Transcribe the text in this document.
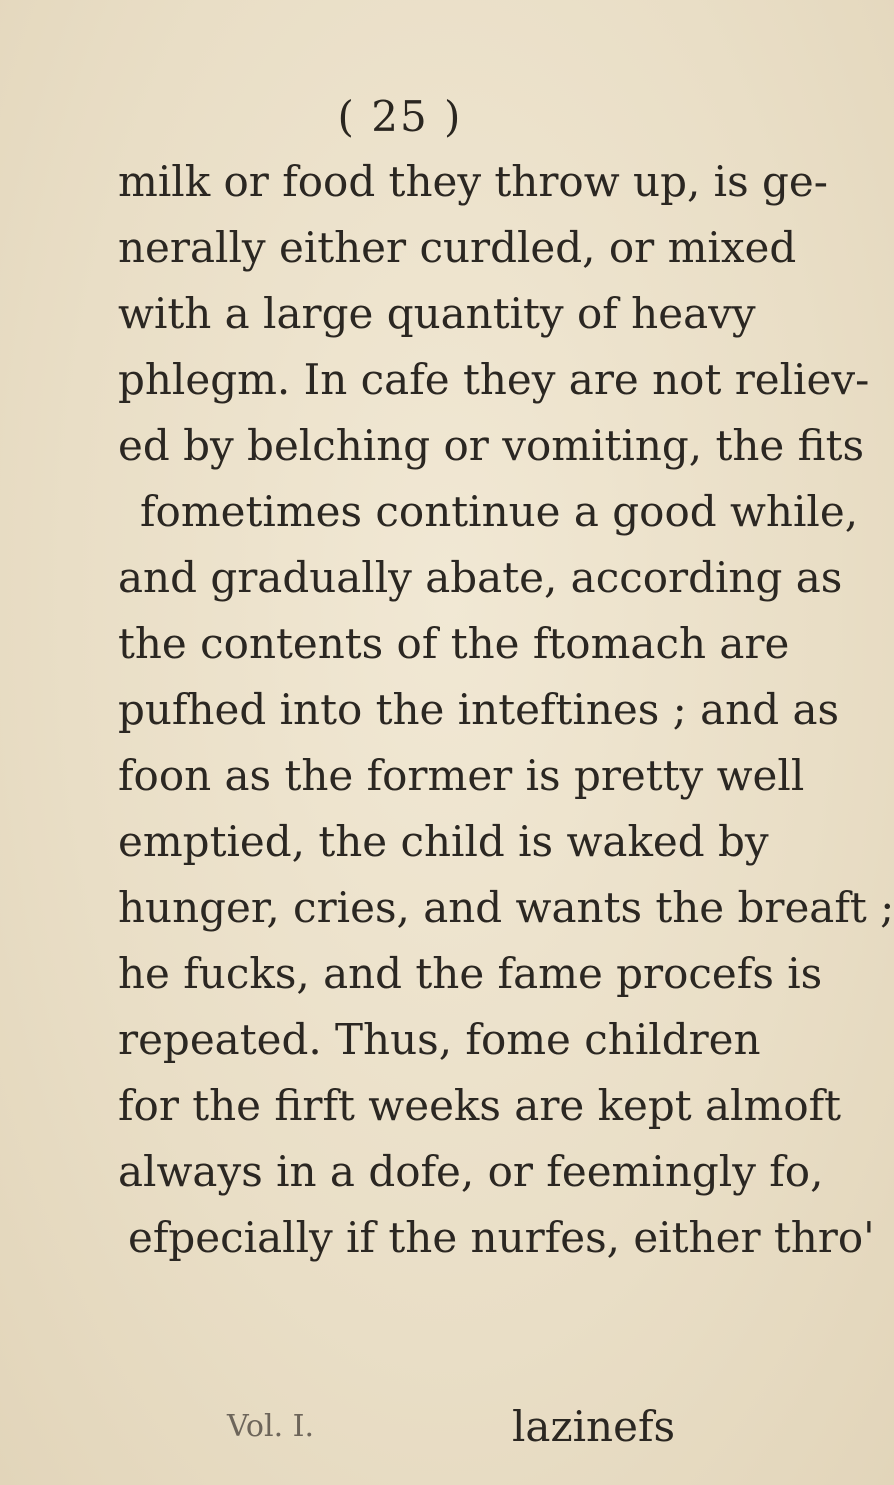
( 25 )
milk or food they throw up, is ge-
nerally either curdled, or mixed
with a large quantity of heavy
phlegm. In cafe they are not reliev-
ed by belching or vomiting, the fits
fometimes continue a good while,
and gradually abate, according as
the contents of the ftomach are
pufhed into the inteftines ; and as
foon as the former is pretty well
emptied, the child is waked by
hunger, cries, and wants the breaft ;
he fucks, and the fame procefs is
repeated. Thus, fome children
for the firft weeks are kept almoft
always in a dofe, or feemingly fo,
efpecially if the nurfes, either thro'
Vol. I.	lazinefs
